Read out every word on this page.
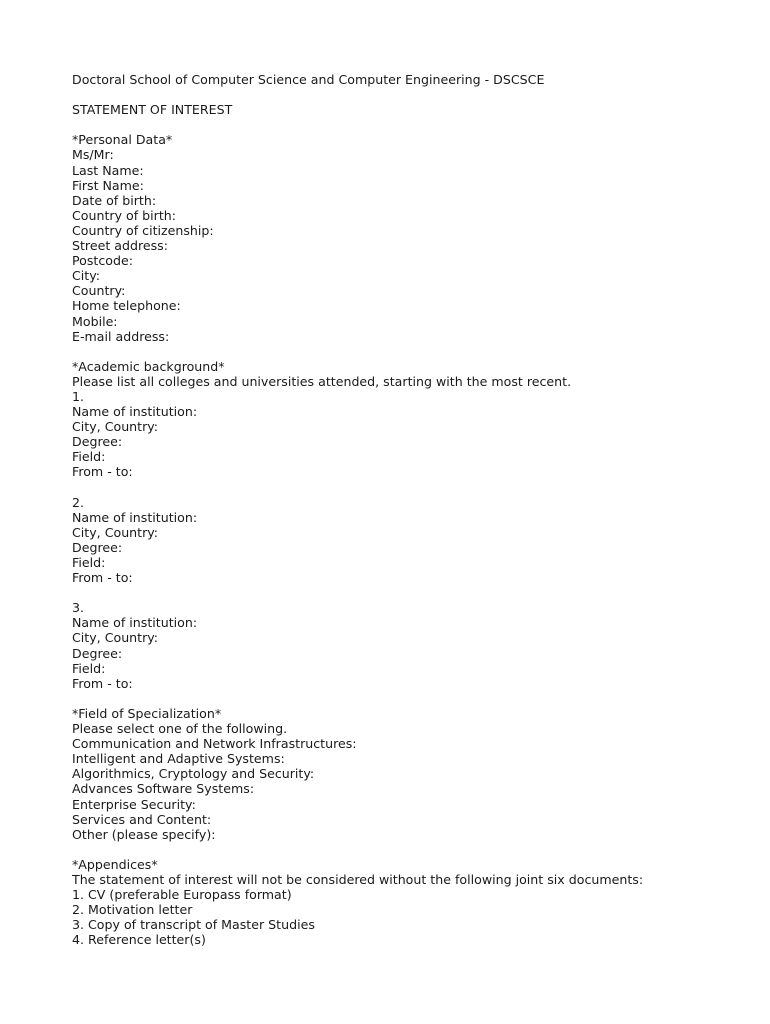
Doctoral School of Computer Science and Computer Engineering - DSCSCE
STATEMENT OF INTEREST
*Personal Data*
Ms/Mr:
Last Name:
First Name:
Date of birth:
Country of birth:
Country of citizenship:
Street address:
Postcode:
City:
Country:
Home telephone:
Mobile:
E-mail address:
*Academic background*
Please list all colleges and universities attended, starting with the most recent.
1.
Name of institution:
City, Country:
Degree:
Field:
From - to:
2.
Name of institution:
City, Country:
Degree:
Field:
From - to:
3.
Name of institution:
City, Country:
Degree:
Field:
From - to:
*Field of Specialization*
Please select one of the following.
Communication and Network Infrastructures:
Intelligent and Adaptive Systems:
Algorithmics, Cryptology and Security:
Advances Software Systems:
Enterprise Security:
Services and Content:
Other (please specify):
*Appendices*
The statement of interest will not be considered without the following joint six documents:
1. CV (preferable Europass format)
2. Motivation letter
3. Copy of transcript of Master Studies
4. Reference letter(s)
